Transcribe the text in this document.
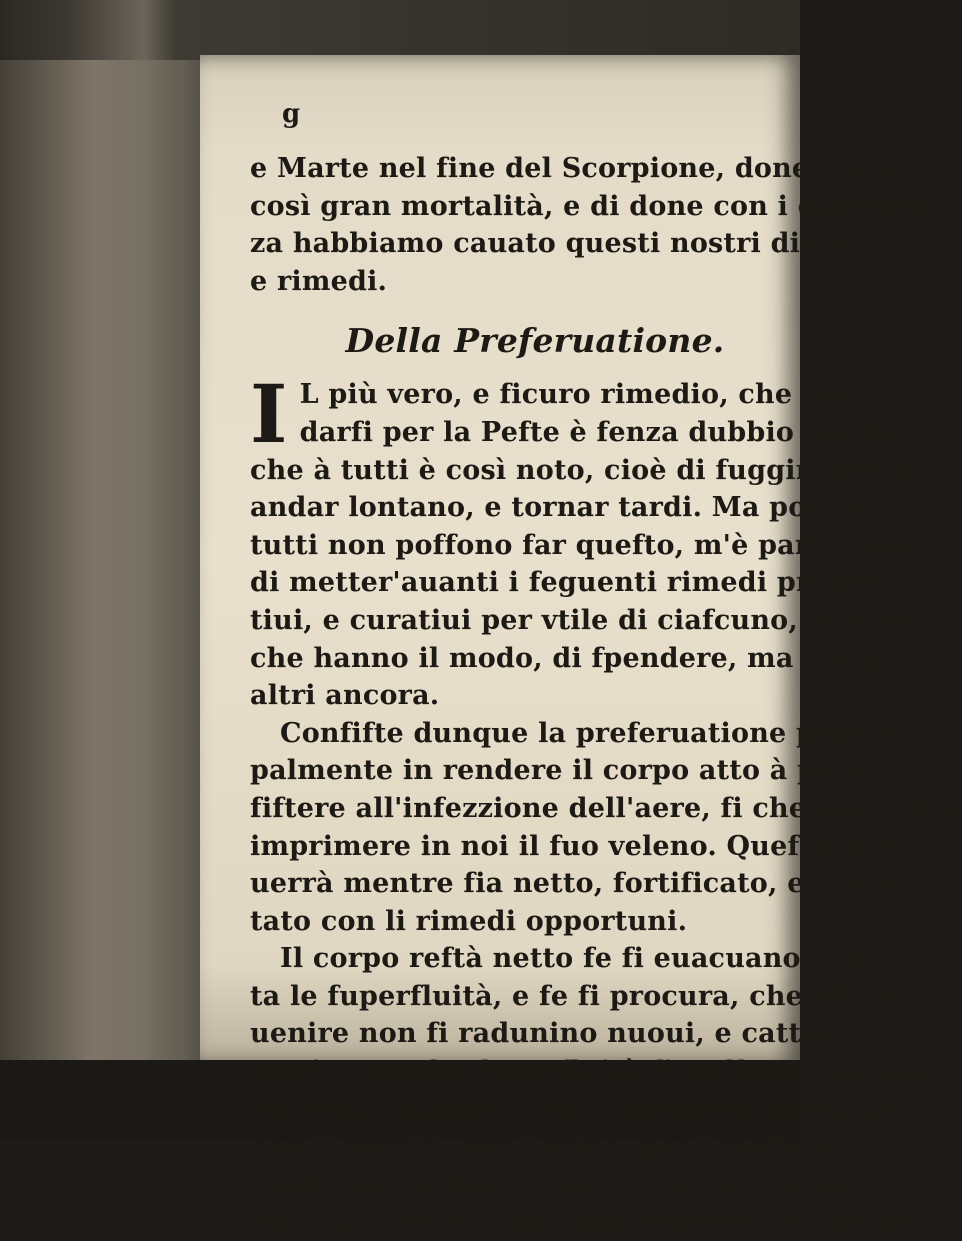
g
e Marte nel fine del Scorpione, done fegui
così gran mortalità, e di done con i esperien-
za habbiamo cauato questi nostri discorsi,
e rimedi.
Della Preferuatione.
I L più vero, e ficuro rimedio, che poffa
darfi per la Pefte è fenza dubbio quello,
che à tutti è così noto, cioè di fuggir prefto
andar lontano, e tornar tardi. Ma poiche
tutti non poffono far quefto, m'è parfo bene
di metter'auanti i feguenti rimedi preferua-
tiui, e curatiui per vtile di ciafcuno, non folo
che hanno il modo, di fpendere, ma per gl'-
altri ancora.
Confifte dunque la preferuatione princi-
palmente in rendere il corpo atto à poter re-
fiftere all'infezzione dell'aere, fi che non poffa
imprimere in noi il fuo veleno. Quefto aue-
uerrà mentre fia netto, fortificato, e confor-
tato con li rimedi opportuni.
Il corpo reftà netto fe fi euacuano vna vol-
ta le fuperfluità, e fe fi procura, che all'au-
uenire non fi radunino nuoui, e cattiui hu-
mori, e quefte fuperfluità fi poffono euacuare
col leuar fangue, con le medicine purgatiue,
con li vomiti, per l'orina, per i meftrui, e mo-
roide, per la bocca, per l'orecchie, e per il
nafo, al che fe fi può aggiugnere l'aftinenza,
